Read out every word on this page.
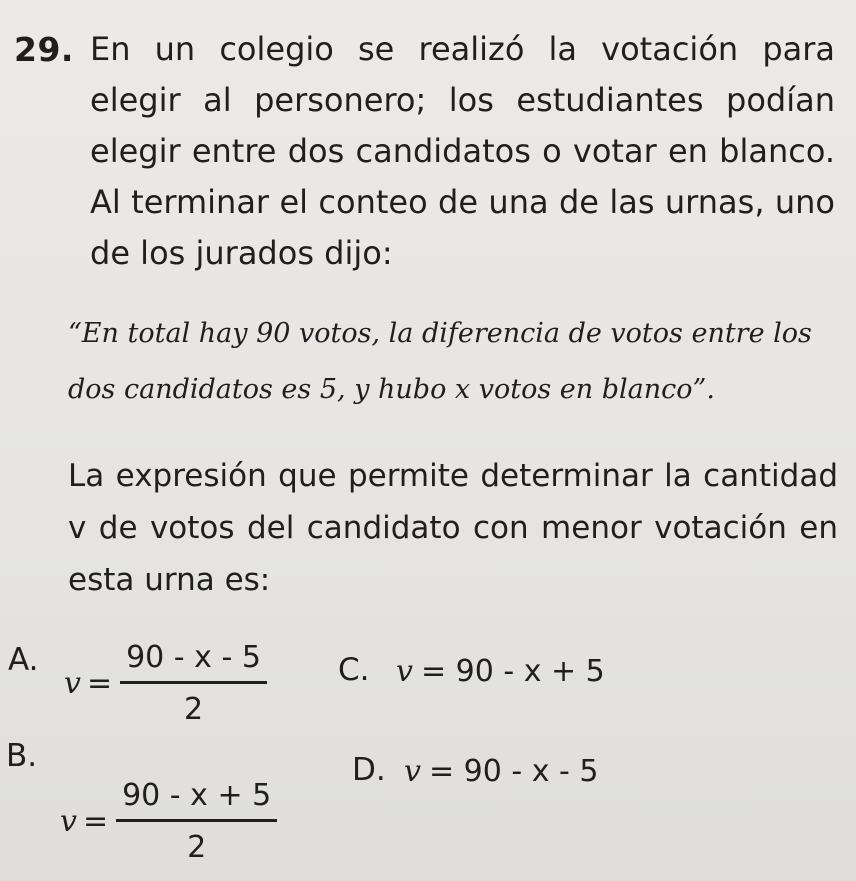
29. En un colegio se realizó la votación para elegir al personero; los estudiantes podían elegir entre dos candidatos o votar en blanco. Al terminar el conteo de una de las urnas, uno de los jurados dijo:

“En total hay 90 votos, la diferencia de votos entre los dos candidatos es 5, y hubo x votos en blanco”.

La expresión que permite determinar la cantidad v de votos del candidato con menor votación en esta urna es:

A.
$v = \frac{90 - x - 5}{2} C$. v = 90 - x + 5
B.
$v = \frac{90 - x + 5}{2}$
D. v = 90 - x - 5
